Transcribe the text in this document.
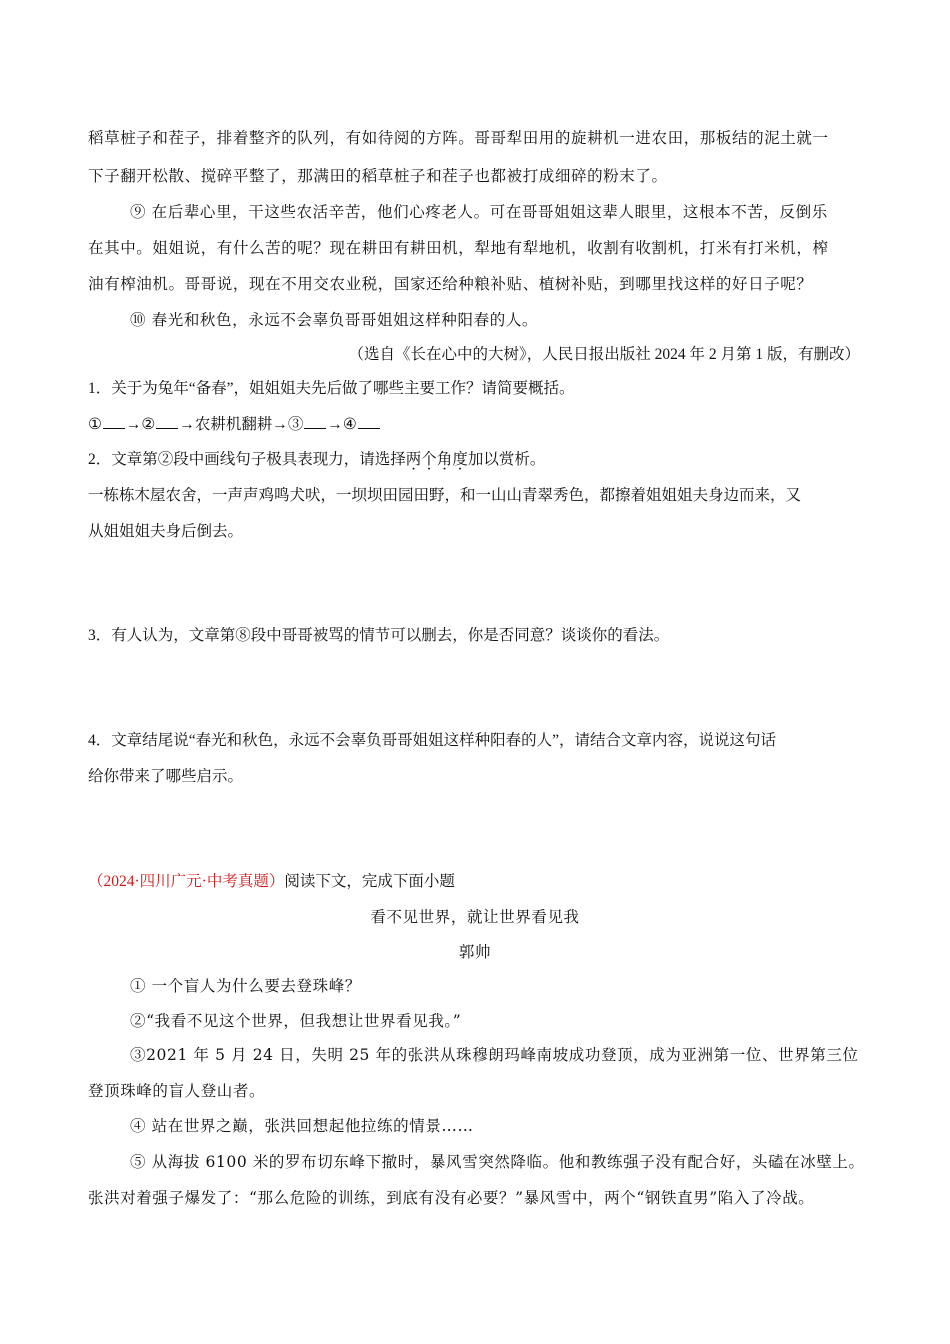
稻草桩子和茬子，排着整齐的队列，有如待阅的方阵。哥哥犁田用的旋耕机一进农田，那板结的泥土就一
下子翻开松散、搅碎平整了，那满田的稻草桩子和茬子也都被打成细碎的粉末了。
⑨ 在后辈心里，干这些农活辛苦，他们心疼老人。可在哥哥姐姐这辈人眼里，这根本不苦，反倒乐
在其中。姐姐说，有什么苦的呢？现在耕田有耕田机，犁地有犁地机，收割有收割机，打米有打米机，榨
油有榨油机。哥哥说，现在不用交农业税，国家还给种粮补贴、植树补贴，到哪里找这样的好日子呢？
⑩ 春光和秋色，永远不会辜负哥哥姐姐这样种阳春的人。
（选自《长在心中的大树》，人民日报出版社 2024 年 2 月第 1 版，有删改）
1．关于为兔年“备春”，姐姐姐夫先后做了哪些主要工作？请简要概括。
① →② →农耕机翻耕→③ →④
2．文章第②段中画线句子极具表现力，请选择两个角度加以赏析。
一栋栋木屋农舍，一声声鸡鸣犬吠，一坝坝田园田野，和一山山青翠秀色，都擦着姐姐姐夫身边而来，又
从姐姐姐夫身后倒去。
3．有人认为，文章第⑧段中哥哥被骂的情节可以删去，你是否同意？谈谈你的看法。
4．文章结尾说“春光和秋色，永远不会辜负哥哥姐姐这样种阳春的人”，请结合文章内容，说说这句话
给你带来了哪些启示。
（2024·四川广元·中考真题）阅读下文，完成下面小题
看不见世界，就让世界看见我
郭帅
① 一个盲人为什么要去登珠峰？
②“我看不见这个世界，但我想让世界看见我。”
③2021 年 5 月 24 日，失明 25 年的张洪从珠穆朗玛峰南坡成功登顶，成为亚洲第一位、世界第三位
登顶珠峰的盲人登山者。
④ 站在世界之巅，张洪回想起他拉练的情景……
⑤ 从海拔 6100 米的罗布切东峰下撤时，暴风雪突然降临。他和教练强子没有配合好，头磕在冰壁上。
张洪对着强子爆发了：“那么危险的训练，到底有没有必要？”暴风雪中，两个“钢铁直男”陷入了冷战。
